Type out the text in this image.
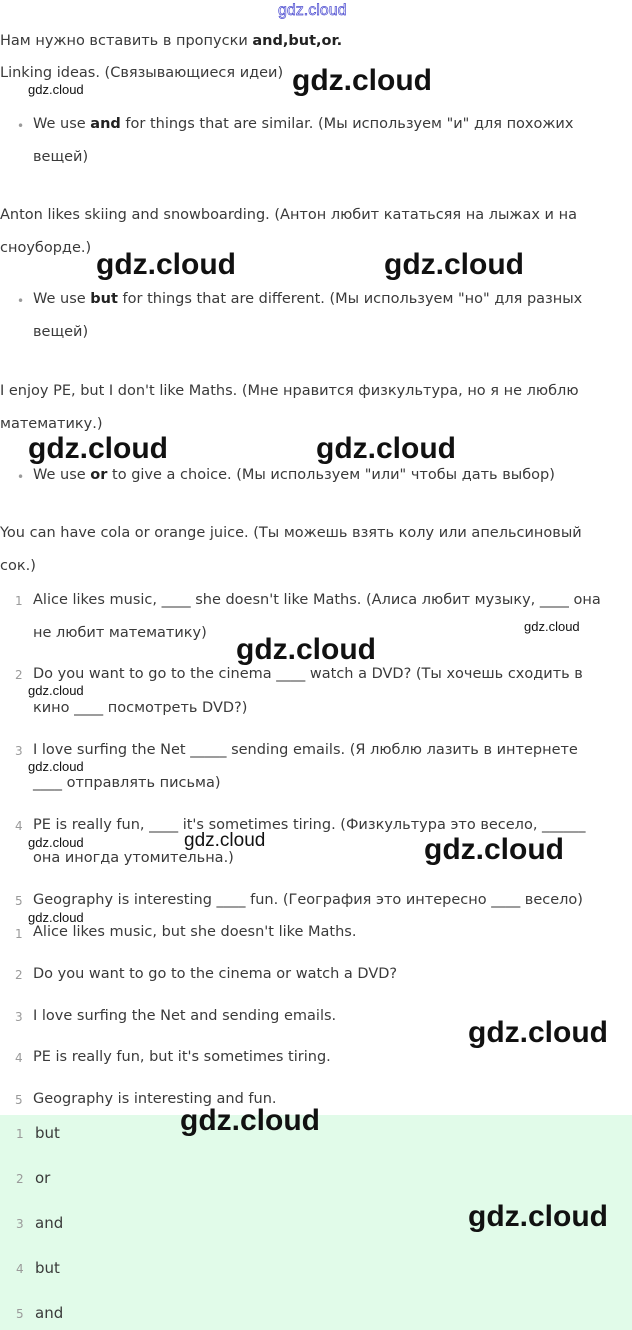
gdz.cloud
Нам нужно вставить в пропуски and,but,or.
Linking ideas. (Связывающиеся идеи)
• We use and for things that are similar. (Мы используем "и" для похожих
вещей)
Anton likes skiing and snowboarding. (Антон любит кататьсяя на лыжах и на
сноуборде.)
• We use but for things that are different. (Мы используем "но" для разных
вещей)
I enjoy PE, but I don't like Maths. (Мне нравится физкультура, но я не люблю
математику.)
• We use or to give a choice. (Мы используем "или" чтобы дать выбор)
You can have cola or orange juice. (Ты можешь взять колу или апельсиновый
сок.)
1 Alice likes music, ____ she doesn't like Maths. (Алиса любит музыку, ____ она
не любит математику)
2 Do you want to go to the cinema ____ watch a DVD? (Ты хочешь сходить в
кино ____ посмотреть DVD?)
3 I love surfing the Net _____ sending emails. (Я люблю лазить в интернете
____ отправлять письма)
4 PE is really fun, ____ it's sometimes tiring. (Физкультура это весело, ______
она иногда утомительна.)
5 Geography is interesting ____ fun. (География это интересно ____ весело)
1 Alice likes music, but she doesn't like Maths.
2 Do you want to go to the cinema or watch a DVD?
3 I love surfing the Net and sending emails.
4 PE is really fun, but it's sometimes tiring.
5 Geography is interesting and fun.
1 but
2 or
3 and
4 but
5 and
gdz.cloud
gdz.cloud
gdz.cloud	gdz.cloud
gdz.cloud	gdz.cloud
gdz.cloud
gdz.cloud
gdz.cloud
gdz.cloud
gdz.cloud	gdz.cloud	gdz.cloud
gdz.cloud
gdz.cloud
gdz.cloud
gdz.cloud
